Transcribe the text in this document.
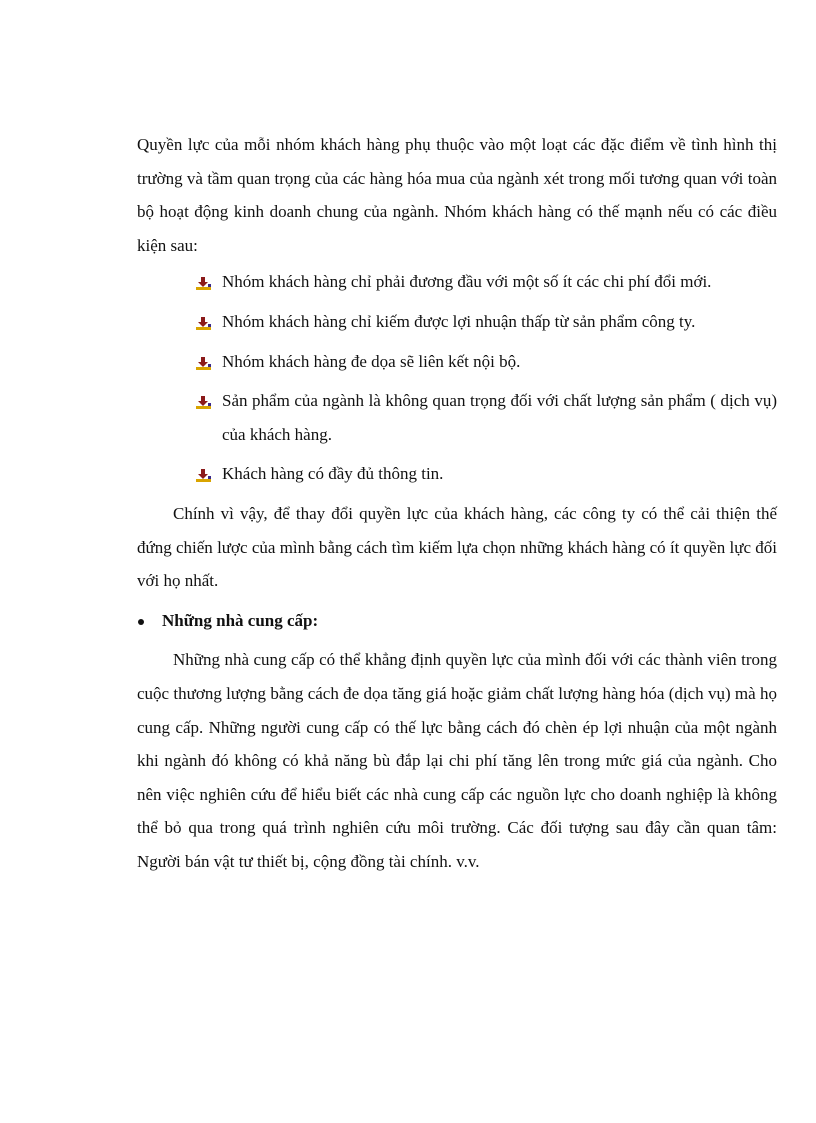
Quyền lực của mỗi nhóm khách hàng phụ thuộc vào một loạt các đặc điểm về tình hình thị trường và tầm quan trọng của các hàng hóa mua của ngành xét trong mối tương quan với toàn bộ hoạt động kinh doanh chung của ngành. Nhóm khách hàng có thế mạnh nếu có các điều kiện sau:

Nhóm khách hàng chỉ phải đương đầu với một số ít các chi phí đổi mới.
Nhóm khách hàng chỉ kiếm được lợi nhuận thấp từ sản phẩm công ty.
Nhóm khách hàng đe dọa sẽ liên kết nội bộ.
Sản phẩm của ngành là không quan trọng đối với chất lượng sản phẩm ( dịch vụ) của khách hàng.
Khách hàng có đầy đủ thông tin.

Chính vì vậy, để thay đổi quyền lực của khách hàng, các công ty có thể cải thiện thế đứng chiến lược của mình bằng cách tìm kiếm lựa chọn những khách hàng có ít quyền lực đối với họ nhất.

Những nhà cung cấp:

Những nhà cung cấp có thể khẳng định quyền lực của mình đối với các thành viên trong cuộc thương lượng bằng cách đe dọa tăng giá hoặc giảm chất lượng hàng hóa (dịch vụ) mà họ cung cấp. Những người cung cấp có thế lực bằng cách đó chèn ép lợi nhuận của một ngành khi ngành đó không có khả năng bù đắp lại chi phí tăng lên trong mức giá của ngành. Cho nên việc nghiên cứu để hiểu biết các nhà cung cấp các nguồn lực cho doanh nghiệp là không thể bỏ qua trong quá trình nghiên cứu môi trường. Các đối tượng sau đây cần quan tâm: Người bán vật tư thiết bị, cộng đồng tài chính. v.v.
